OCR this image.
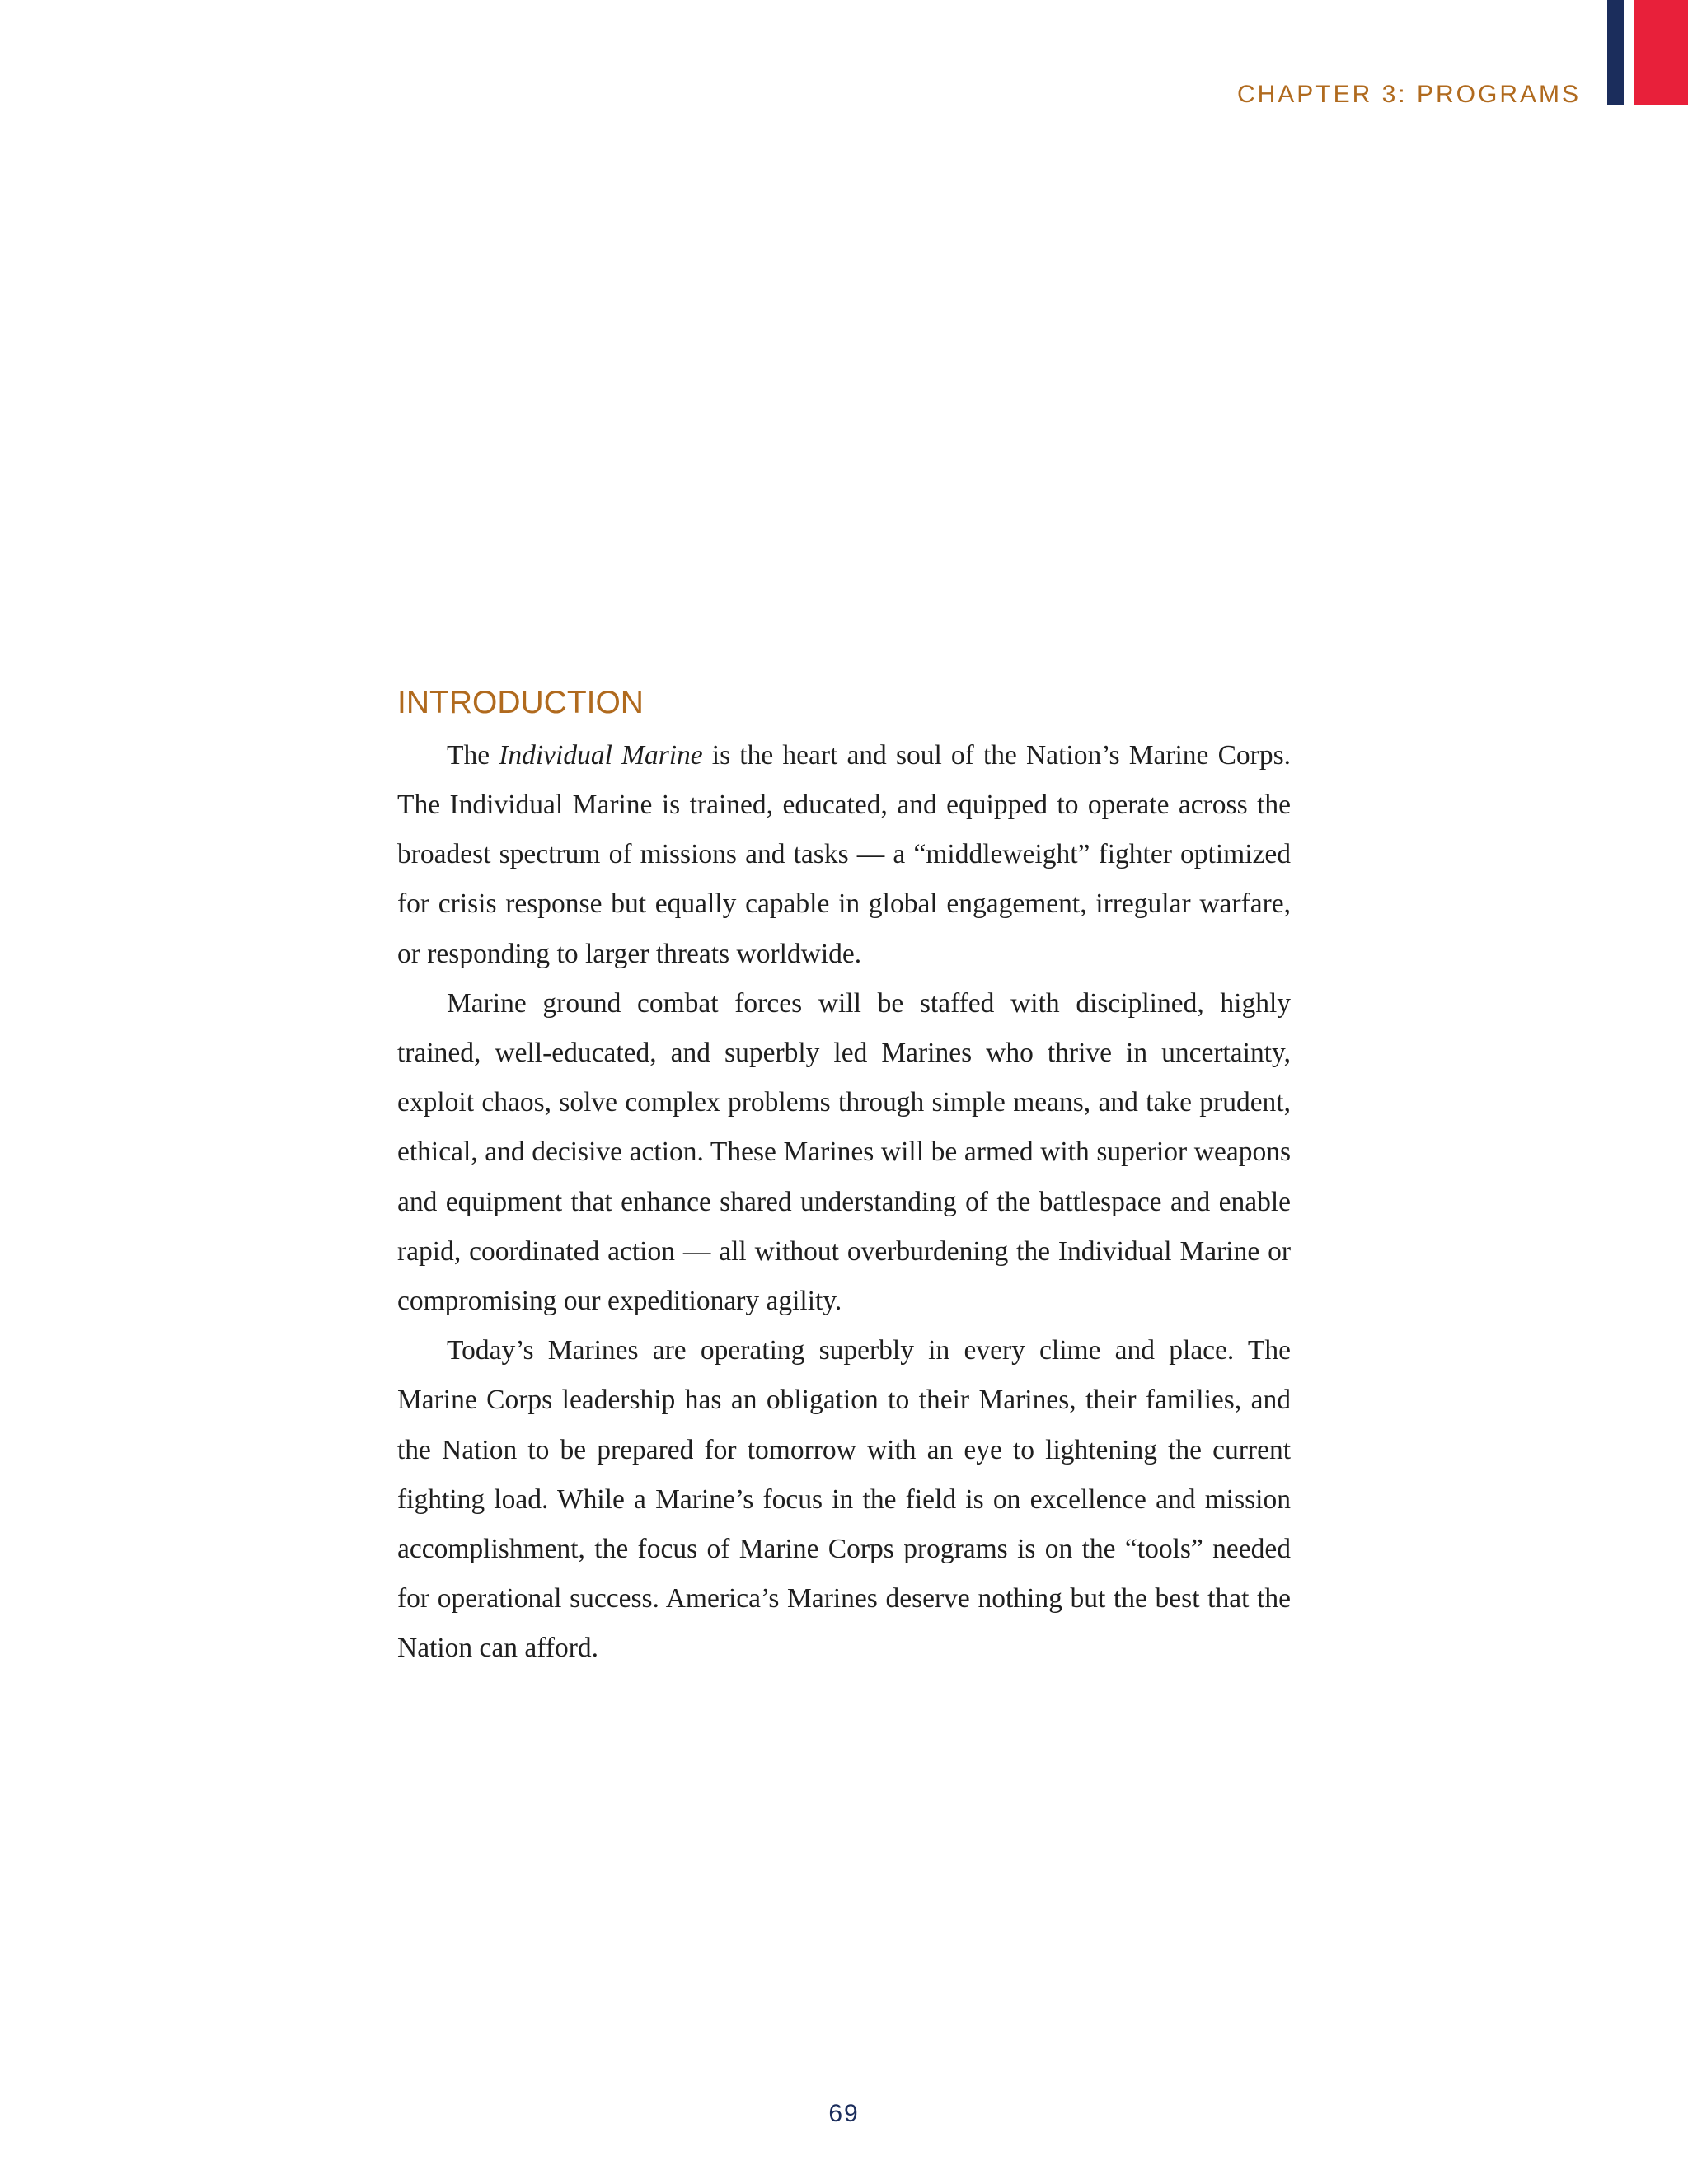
CHAPTER 3: PROGRAMS
INTRODUCTION

The Individual Marine is the heart and soul of the Nation’s Marine Corps. The Individual Marine is trained, educated, and equipped to operate across the broadest spectrum of missions and tasks — a “middleweight” fighter optimized for crisis response but equally capable in global engagement, irregular warfare, or responding to larger threats worldwide.

Marine ground combat forces will be staffed with disciplined, highly trained, well-educated, and superbly led Marines who thrive in uncertainty, exploit chaos, solve complex problems through simple means, and take prudent, ethical, and decisive action. These Marines will be armed with superior weapons and equipment that enhance shared understanding of the battlespace and enable rapid, coordinated action — all without overburdening the Individual Marine or compromising our expeditionary agility.

Today’s Marines are operating superbly in every clime and place. The Marine Corps leadership has an obligation to their Marines, their families, and the Nation to be prepared for tomorrow with an eye to lightening the current fighting load. While a Marine’s focus in the field is on excellence and mission accomplishment, the focus of Marine Corps programs is on the “tools” needed for operational success. America’s Marines deserve nothing but the best that the Nation can afford.

69
